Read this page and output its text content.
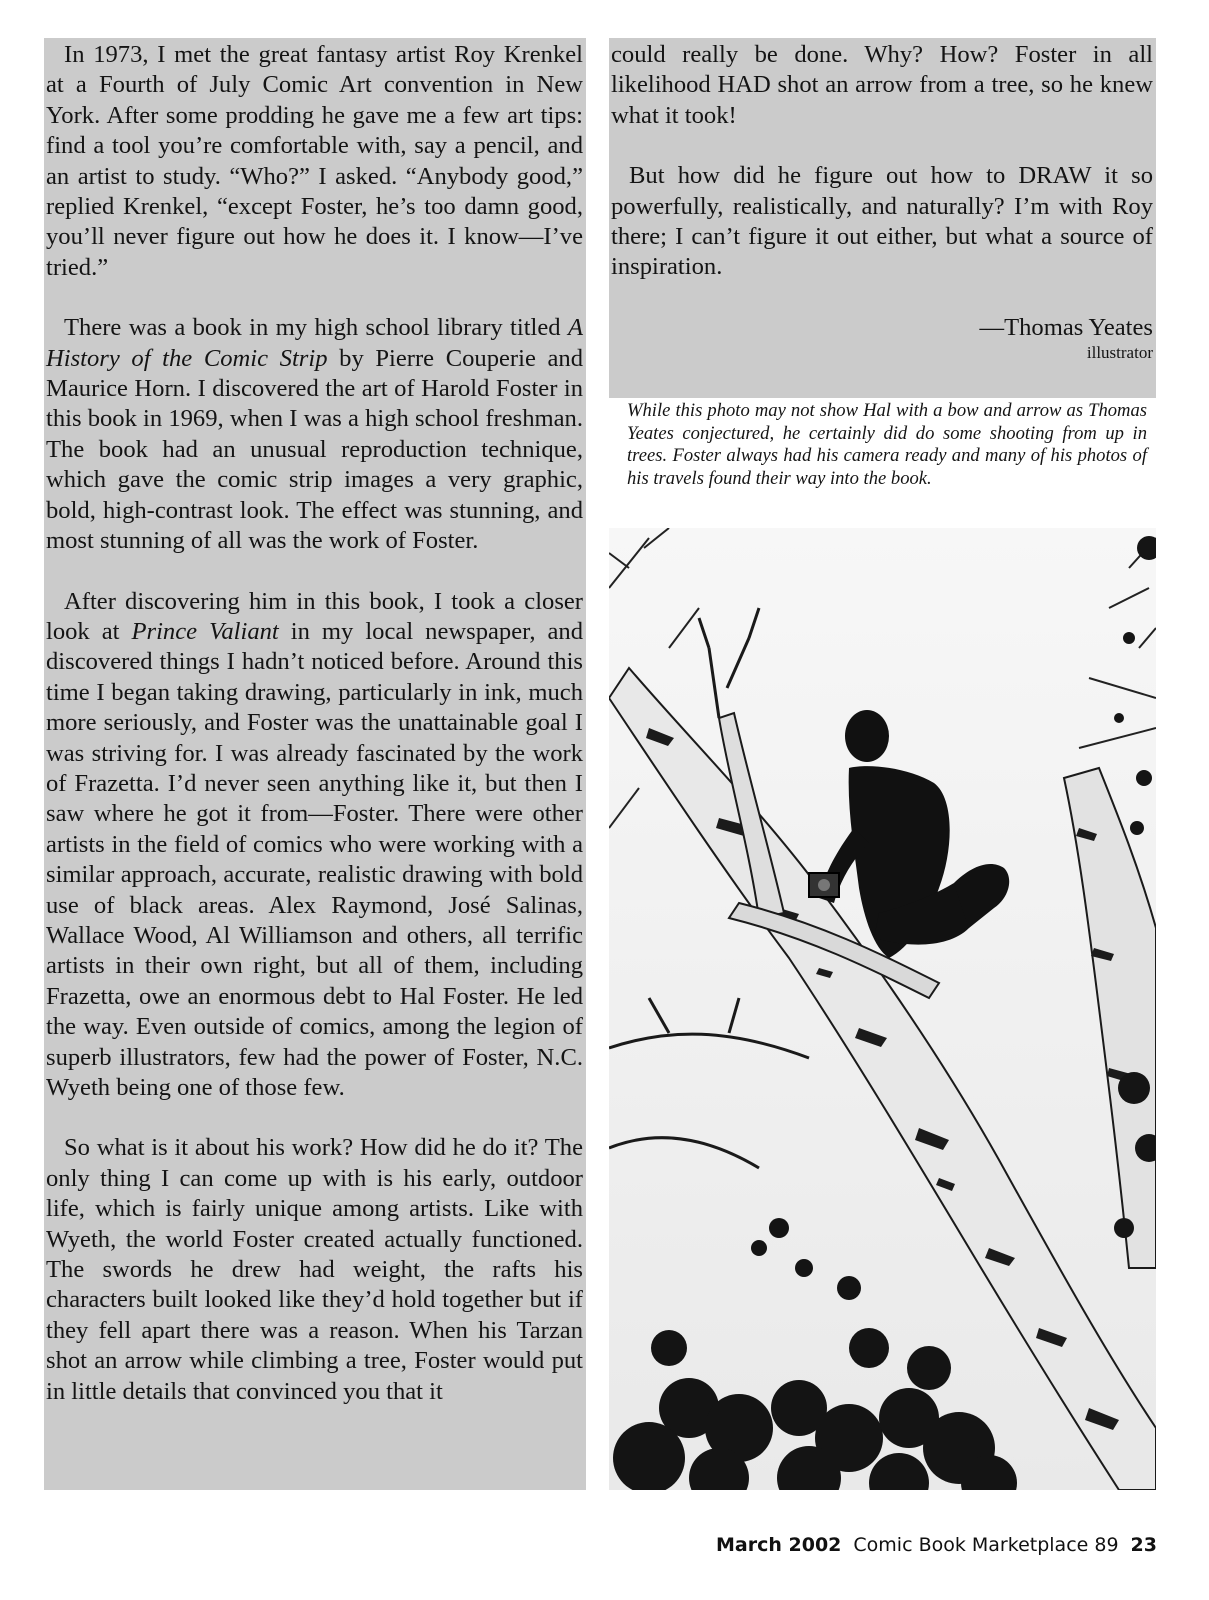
In 1973, I met the great fantasy artist Roy Krenkel at a Fourth of July Comic Art convention in New York. After some prodding he gave me a few art tips: find a tool you’re comfortable with, say a pencil, and an artist to study. “Who?” I asked. “Anybody good,” replied Krenkel, “except Foster, he’s too damn good, you’ll never figure out how he does it. I know—I’ve tried.”

There was a book in my high school library titled A History of the Comic Strip by Pierre Couperie and Maurice Horn. I discovered the art of Harold Foster in this book in 1969, when I was a high school freshman. The book had an unusual reproduction technique, which gave the comic strip images a very graphic, bold, high-contrast look. The effect was stunning, and most stunning of all was the work of Foster.

After discovering him in this book, I took a closer look at Prince Valiant in my local newspaper, and discovered things I hadn’t noticed before. Around this time I began taking drawing, particularly in ink, much more seriously, and Foster was the unattainable goal I was striving for. I was already fascinated by the work of Frazetta. I’d never seen anything like it, but then I saw where he got it from—Foster. There were other artists in the field of comics who were working with a similar approach, accurate, realistic drawing with bold use of black areas. Alex Raymond, José Salinas, Wallace Wood, Al Williamson and others, all terrific artists in their own right, but all of them, including Frazetta, owe an enormous debt to Hal Foster. He led the way. Even outside of comics, among the legion of superb illustrators, few had the power of Foster, N.C. Wyeth being one of those few.

So what is it about his work? How did he do it? The only thing I can come up with is his early, outdoor life, which is fairly unique among artists. Like with Wyeth, the world Foster created actually functioned. The swords he drew had weight, the rafts his characters built looked like they’d hold together but if they fell apart there was a reason. When his Tarzan shot an arrow while climbing a tree, Foster would put in little details that convinced you that it

could really be done. Why? How? Foster in all likelihood HAD shot an arrow from a tree, so he knew what it took!

But how did he figure out how to DRAW it so powerfully, realistically, and naturally? I’m with Roy there; I can’t figure it out either, but what a source of inspiration.

—Thomas Yeates

illustrator

While this photo may not show Hal with a bow and arrow as Thomas Yeates conjectured, he certainly did do some shooting from up in trees. Foster always had his camera ready and many of his photos of his travels found their way into the book.

March 2002 Comic Book Marketplace 89 23
